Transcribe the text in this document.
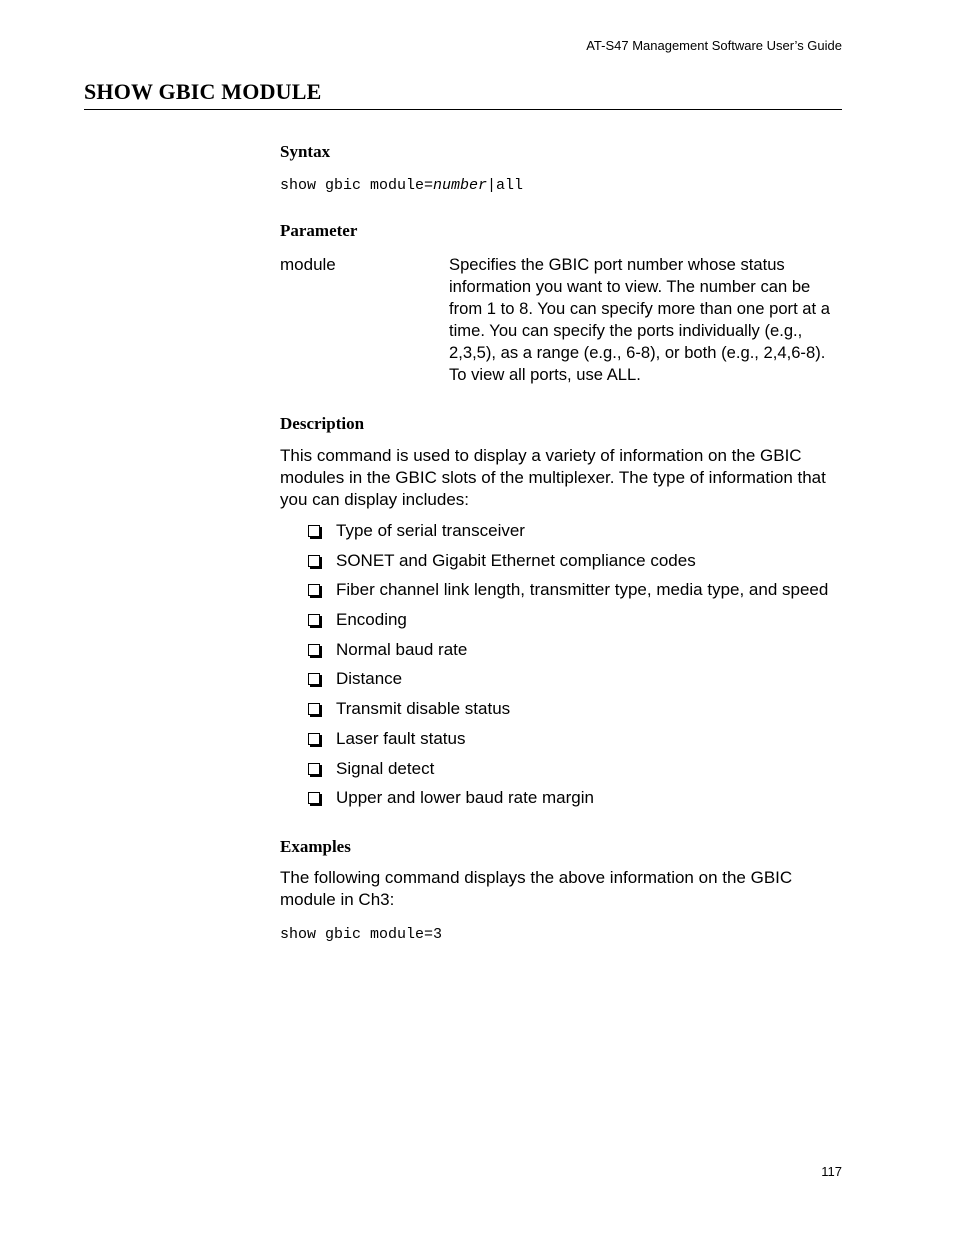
AT-S47 Management Software User’s Guide
SHOW GBIC MODULE
Syntax
show gbic module=number|all
Parameter
module	Specifies the GBIC port number whose status information you want to view. The number can be from 1 to 8. You can specify more than one port at a time. You can specify the ports individually (e.g., 2,3,5), as a range (e.g., 6-8), or both (e.g., 2,4,6-8). To view all ports, use ALL.
Description
This command is used to display a variety of information on the GBIC modules in the GBIC slots of the multiplexer. The type of information that you can display includes:
Type of serial transceiver
SONET and Gigabit Ethernet compliance codes
Fiber channel link length, transmitter type, media type, and speed
Encoding
Normal baud rate
Distance
Transmit disable status
Laser fault status
Signal detect
Upper and lower baud rate margin
Examples
The following command displays the above information on the GBIC module in Ch3:
show gbic module=3
117
